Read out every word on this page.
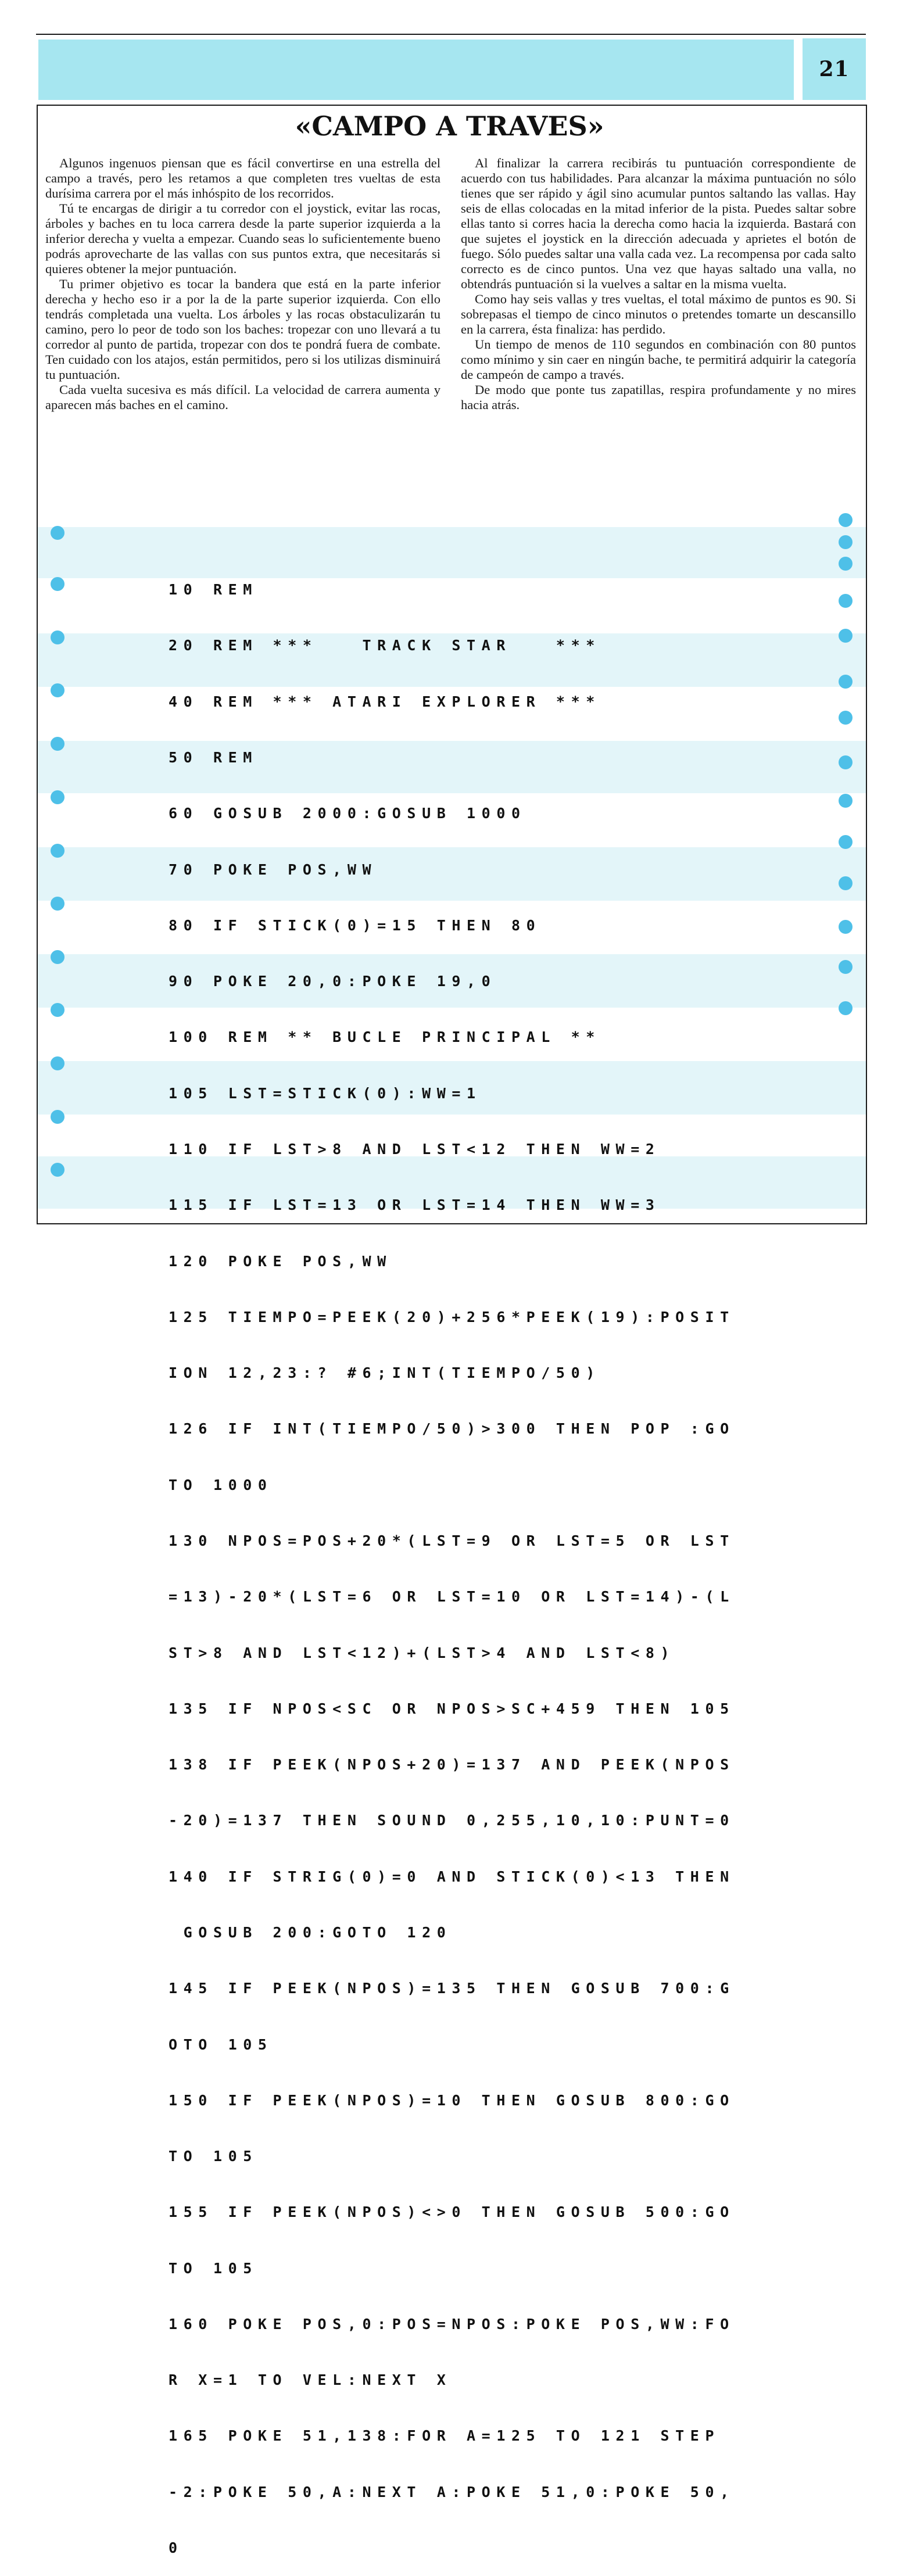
21
«CAMPO A TRAVES»

Algunos ingenuos piensan que es fácil convertirse en una estrella del campo a través, pero les retamos a que completen tres vueltas de esta durísima carrera por el más inhóspito de los recorridos.

Tú te encargas de dirigir a tu corredor con el joystick, evitar las rocas, árboles y baches en tu loca carrera desde la parte superior izquierda a la inferior derecha y vuelta a empezar. Cuando seas lo suficientemente bueno podrás aprovecharte de las vallas con sus puntos extra, que necesitarás si quieres obtener la mejor puntuación.

Tu primer objetivo es tocar la bandera que está en la parte inferior derecha y hecho eso ir a por la de la parte superior izquierda. Con ello tendrás completada una vuelta. Los árboles y las rocas obstaculizarán tu camino, pero lo peor de todo son los baches: tropezar con uno llevará a tu corredor al punto de partida, tropezar con dos te pondrá fuera de combate. Ten cuidado con los atajos, están permitidos, pero si los utilizas disminuirá tu puntuación.

Cada vuelta sucesiva es más difícil. La velocidad de carrera aumenta y aparecen más baches en el camino.

Al finalizar la carrera recibirás tu puntuación correspondiente de acuerdo con tus habilidades. Para alcanzar la máxima puntuación no sólo tienes que ser rápido y ágil sino acumular puntos saltando las vallas. Hay seis de ellas colocadas en la mitad inferior de la pista. Puedes saltar sobre ellas tanto si corres hacia la derecha como hacia la izquierda. Bastará con que sujetes el joystick en la dirección adecuada y aprietes el botón de fuego. Sólo puedes saltar una valla cada vez. La recompensa por cada salto correcto es de cinco puntos. Una vez que hayas saltado una valla, no obtendrás puntuación si la vuelves a saltar en la misma vuelta.

Como hay seis vallas y tres vueltas, el total máximo de puntos es 90. Si sobrepasas el tiempo de cinco minutos o pretendes tomarte un descansillo en la carrera, ésta finaliza: has perdido.

Un tiempo de menos de 110 segundos en combinación con 80 puntos como mínimo y sin caer en ningún bache, te permitirá adquirir la categoría de campeón de campo a través.

De modo que ponte tus zapatillas, respira profundamente y no mires hacia atrás.

10 REM

20 REM ***   TRACK STAR   ***

40 REM *** ATARI EXPLORER ***

50 REM

60 GOSUB 2000:GOSUB 1000

70 POKE POS,WW

80 IF STICK(0)=15 THEN 80

90 POKE 20,0:POKE 19,0

100 REM ** BUCLE PRINCIPAL **

105 LST=STICK(0):WW=1

110 IF LST>8 AND LST<12 THEN WW=2

115 IF LST=13 OR LST=14 THEN WW=3

120 POKE POS,WW

125 TIEMPO=PEEK(20)+256*PEEK(19):POSIT

ION 12,23:? #6;INT(TIEMPO/50)

126 IF INT(TIEMPO/50)>300 THEN POP :GO

TO 1000

130 NPOS=POS+20*(LST=9 OR LST=5 OR LST

=13)-20*(LST=6 OR LST=10 OR LST=14)-(L

ST>8 AND LST<12)+(LST>4 AND LST<8)

135 IF NPOS<SC OR NPOS>SC+459 THEN 105

138 IF PEEK(NPOS+20)=137 AND PEEK(NPOS

-20)=137 THEN SOUND 0,255,10,10:PUNT=0

140 IF STRIG(0)=0 AND STICK(0)<13 THEN

GOSUB 200:GOTO 120

145 IF PEEK(NPOS)=135 THEN GOSUB 700:G

OTO 105

150 IF PEEK(NPOS)=10 THEN GOSUB 800:GO

TO 105

155 IF PEEK(NPOS)<>0 THEN GOSUB 500:GO

TO 105

160 POKE POS,0:POS=NPOS:POKE POS,WW:FO

R X=1 TO VEL:NEXT X

165 POKE 51,138:FOR A=125 TO 121 STEP

-2:POKE 50,A:NEXT A:POKE 51,0:POKE 50,

0
